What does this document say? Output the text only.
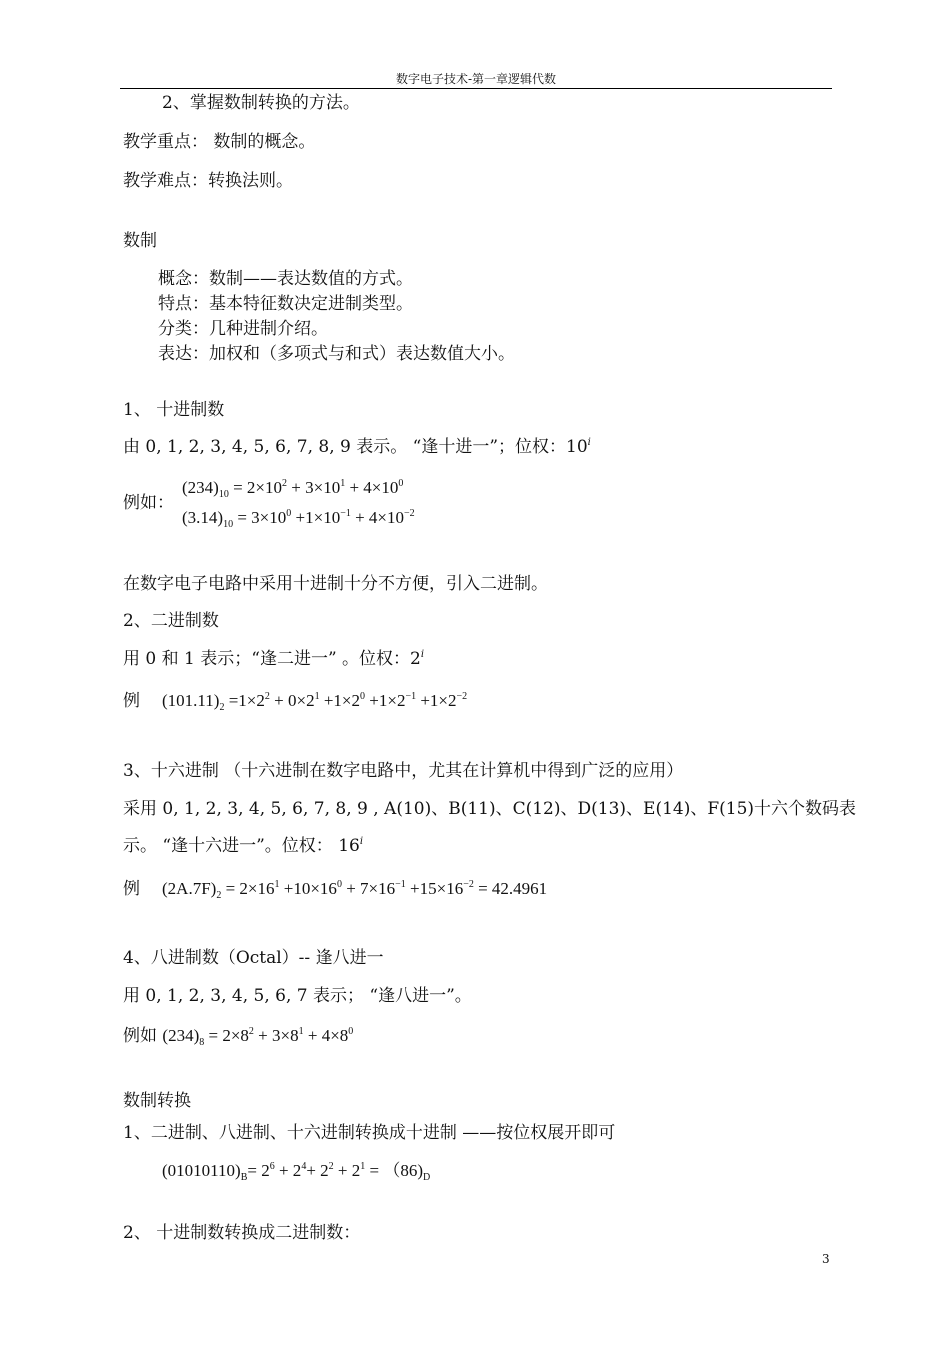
数字电子技术-第一章逻辑代数
2、掌握数制转换的方法。
教学重点： 数制的概念。
教学难点：转换法则。
数制
概念：数制——表达数值的方式。
特点：基本特征数决定进制类型。
分类：几种进制介绍。
表达：加权和（多项式与和式）表达数值大小。
1、 十进制数
由 0, 1, 2, 3, 4, 5, 6, 7, 8, 9 表示。 “逢十进一”；位权：10$^i$
例如：
$(234)_{10} = 2\times 10^2 + 3\times 10^1 + 4\times 10^0$
$(3.14)_{10} = 3\times 10^0 +1\times 10^{-1} + 4\times 10^{-2}$
在数字电子电路中采用十进制十分不方便，引入二进制。
2、二进制数
用 0 和 1 表示；“逢二进一” 。位权：2$^i$
例 $(101.11)_2 =1\times 2^2 + 0\times 2^1 +1\times 2^0 +1\times 2^{-1} +1\times 2^{-2}$
3、十六进制 （十六进制在数字电路中，尤其在计算机中得到广泛的应用）
采用 0, 1, 2, 3, 4, 5, 6, 7, 8, 9 , A(10)、B(11)、C(12)、D(13)、E(14)、F(15)十六个数码表
示。 “逢十六进一”。位权： 16$^i$
例 $(2A.7F)_2 = 2\times 16^1 +10\times 16^0 + 7\times 16^{-1} +15\times 16^{-2} = 42.4961$
4、八进制数（Octal）-- 逢八进一
用 0, 1, 2, 3, 4, 5, 6, 7 表示； “逢八进一”。
例如 $(234)_8 = 2\times 8^2 + 3\times 8^1 + 4\times 8^0$
数制转换
1、二进制、八进制、十六进制转换成十进制 ——按位权展开即可
$(01010110)_B= 2^6 + 2^4+ 2^2 + 2^1 = (86)_D$
2、 十进制数转换成二进制数：
3
